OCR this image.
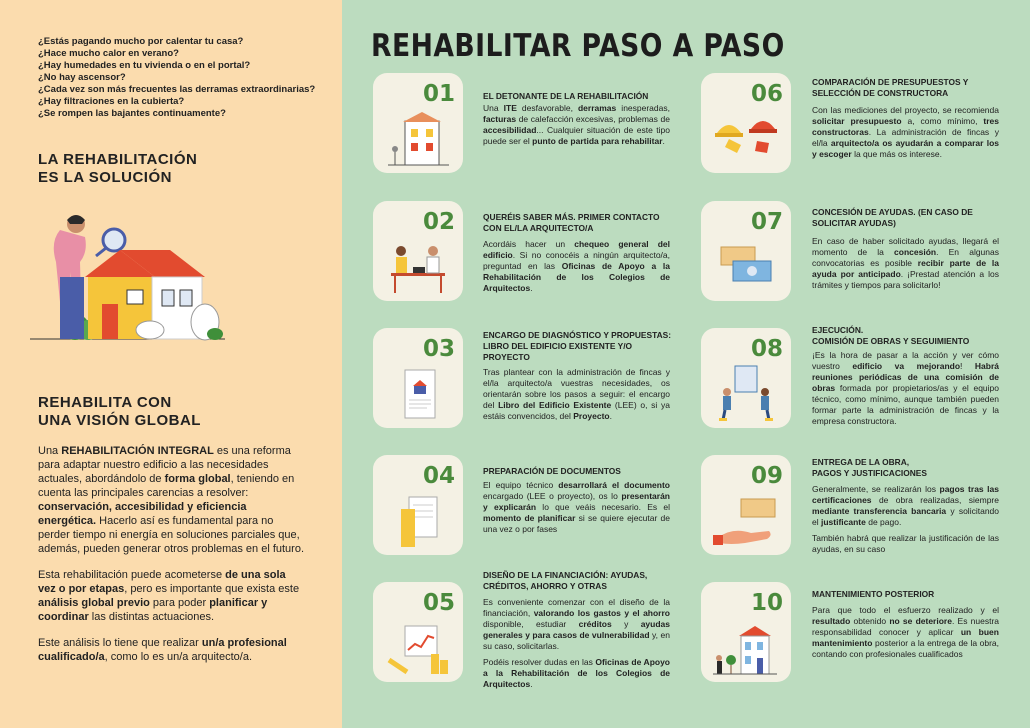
¿Estás pagando mucho por calentar tu casa?
¿Hace mucho calor en verano?
¿Hay humedades en tu vivienda o en el portal?
¿No hay ascensor?
¿Cada vez son más frecuentes las derramas extraordinarias?
¿Hay filtraciones en la cubierta?
¿Se rompen las bajantes continuamente?
LA REHABILITACIÓN
ES LA SOLUCIÓN
REHABILITA CON
UNA VISIÓN GLOBAL

Una REHABILITACIÓN INTEGRAL es una reforma para adaptar nuestro edificio a las necesidades actuales, abordándolo de forma global, teniendo en cuenta las principales carencias a resolver: conservación, accesibilidad y eficiencia energética. Hacerlo así es fundamental para no perder tiempo ni energía en soluciones parciales que, además, pueden generar otros problemas en el futuro.

Esta rehabilitación puede acometerse de una sola vez o por etapas, pero es importante que exista este análisis global previo para poder planificar y coordinar las distintas actuaciones.

Este análisis lo tiene que realizar un/a profesional cualificado/a, como lo es un/a arquitecto/a.

REHABILITAR PASO A PASO
01	EL DETONANTE DE LA REHABILITACIÓN
Una ITE desfavorable, derramas inesperadas, facturas de calefacción excesivas, problemas de accesibilidad... Cualquier situación de este tipo puede ser el punto de partida para rehabilitar.
02	QUERÉIS SABER MÁS. PRIMER CONTACTO CON EL/LA ARQUITECTO/A
Acordáis hacer un chequeo general del edificio. Si no conocéis a ningún arquitecto/a, preguntad en las Oficinas de Apoyo a la Rehabilitación de los Colegios de Arquitectos.
03
ENCARGO DE DIAGNÓSTICO Y PROPUESTAS: LIBRO DEL EDIFICIO EXISTENTE Y/O PROYECTO
Tras plantear con la administración de fincas y el/la arquitecto/a vuestras necesidades, os orientarán sobre los pasos a seguir: el encargo del Libro del Edificio Existente (LEE) o, si ya estáis convencidos, del Proyecto.
04	PREPARACIÓN DE DOCUMENTOS
El equipo técnico desarrollará el documento encargado (LEE o proyecto), os lo presentarán y explicarán lo que veáis necesario. Es el momento de planificar si se quiere ejecutar de una vez o por fases
05
DISEÑO DE LA FINANCIACIÓN: AYUDAS, CRÉDITOS, AHORRO Y OTRAS

Es conveniente comenzar con el diseño de la financiación, valorando los gastos y el ahorro disponible, estudiar créditos y ayudas generales y para casos de vulnerabilidad y, en su caso, solicitarlas.

Podéis resolver dudas en las Oficinas de Apoyo a la Rehabilitación de los Colegios de Arquitectos.

06	COMPARACIÓN DE PRESUPUESTOS Y SELECCIÓN DE CONSTRUCTORA
Con las mediciones del proyecto, se recomienda solicitar presupuesto a, como mínimo, tres constructoras. La administración de fincas y el/la arquitecto/a os ayudarán a comparar los y escoger la que más os interese.
07	CONCESIÓN DE AYUDAS. (EN CASO DE SOLICITAR AYUDAS)
En caso de haber solicitado ayudas, llegará el momento de la concesión. En algunas convocatorias es posible recibir parte de la ayuda por anticipado. ¡Prestad atención a los trámites y tiempos para solicitarlo!
08
EJECUCIÓN.
COMISIÓN DE OBRAS Y SEGUIMIENTO
¡Es la hora de pasar a la acción y ver cómo vuestro edificio va mejorando! Habrá reuniones periódicas de una comisión de obras formada por propietarios/as y el equipo técnico, como mínimo, aunque también pueden formar parte la administración de fincas y la empresa constructora.
09
ENTREGA DE LA OBRA,
PAGOS Y JUSTIFICACIONES

Generalmente, se realizarán los pagos tras las certificaciones de obra realizadas, siempre mediante transferencia bancaria y solicitando el justificante de pago.

También habrá que realizar la justificación de las ayudas, en su caso

10	MANTENIMIENTO POSTERIOR
Para que todo el esfuerzo realizado y el resultado obtenido no se deteriore. Es nuestra responsabilidad conocer y aplicar un buen mantenimiento posterior a la entrega de la obra, contando con profesionales cualificados
